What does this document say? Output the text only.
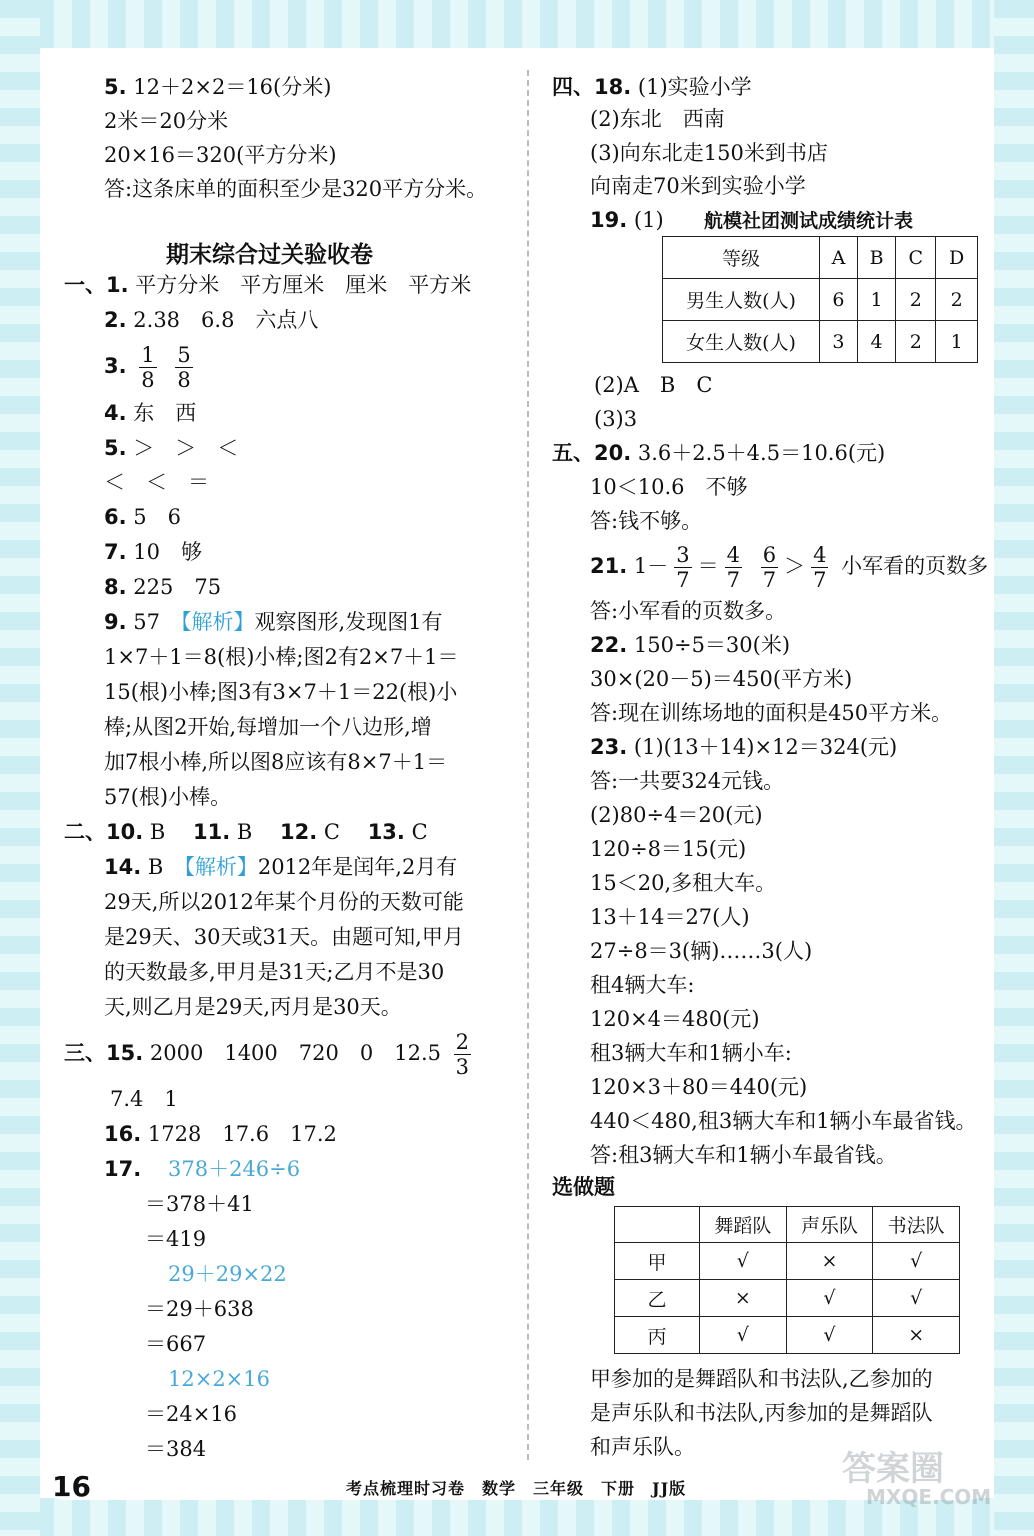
5. 12＋2×2＝16(分米)
2米＝20分米
20×16＝320(平方分米)
答:这条床单的面积至少是320平方分米。
期末综合过关验收卷
一、1. 平方分米　平方厘米　厘米　平方米
2. 2.38　6.8　六点八
3. $\frac{1}{8}$
$\frac{5}{8}$
4. 东　西
5. ＞　＞　＜
＜　＜　＝
6. 5　6
7. 10　够
8. 225　75
9. 57　 【解析】观察图形,发现图1有
1×7＋1＝8(根)小棒;图2有2×7＋1＝
15(根)小棒;图3有3×7＋1＝22(根)小
棒;从图2开始,每增加一个八边形,增
加7根小棒,所以图8应该有8×7＋1＝
57(根)小棒。
二、10. B　 11. B　 12. C　 13. C
14. B　 【解析】2012年是闰年,2月有
29天,所以2012年某个月份的天数可能
是29天、30天或31天。由题可知,甲月
的天数最多,甲月是31天;乙月不是30
天,则乙月是29天,丙月是30天。
三、15. 2000　1400　720　0　$12.5 \frac{2}{3}$
7.4　1
16. 1728　17.6　17.2
17. 378＋246÷6
＝378＋41
＝419
29＋29×22
＝29＋638
＝667
12×2×16
＝24×16
＝384
四、18. (1)实验小学
(2)东北　西南
(3)向东北走150米到书店
向南走70米到实验小学
19. (1) 航模社团测试成绩统计表
等级	A	B	C	D
男生人数(人)	6	1	2	2
女生人数(人)	3	4	2	1
(2)A　B　C
(3)3
五、20. 3.6＋2.5＋4.5＝10.6(元)
10＜10.6　不够
答:钱不够。
21. $1- \frac{3}{7} = \frac{4}{7}$
$\frac{6}{7} > \frac{4}{7}$ 小军看的页数多
答:小军看的页数多。
22. 150÷5＝30(米)
30×(20－5)＝450(平方米)
答:现在训练场地的面积是450平方米。
23. (1)(13＋14)×12＝324(元)
答:一共要324元钱。
(2)80÷4＝20(元)
120÷8＝15(元)
15＜20,多租大车。
13＋14＝27(人)
27÷8＝3(辆)……3(人)
租4辆大车:
120×4＝480(元)
租3辆大车和1辆小车:
120×3＋80＝440(元)
440＜480,租3辆大车和1辆小车最省钱。
答:租3辆大车和1辆小车最省钱。
选做题
	舞蹈队	声乐队	书法队
甲	√	×	√
乙	×	√	√
丙	√	√	×
甲参加的是舞蹈队和书法队,乙参加的
是声乐队和书法队,丙参加的是舞蹈队
和声乐队。
16	考点梳理时习卷　数学　三年级　下册　JJ版	答案圈
MXQE.COM
